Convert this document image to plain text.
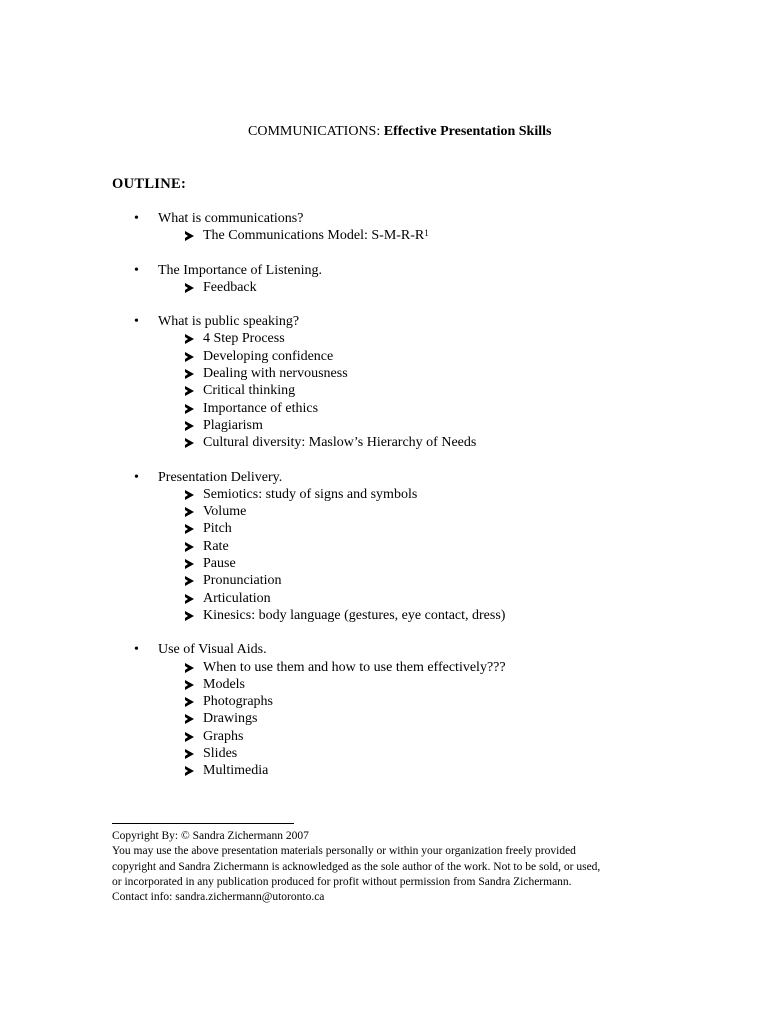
COMMUNICATIONS: Effective Presentation Skills
OUTLINE:
• What is communications?
The Communications Model: $S-M-R-R^1$
• The Importance of Listening.
Feedback
• What is public speaking?
4 Step Process
Developing confidence
Dealing with nervousness
Critical thinking
Importance of ethics
Plagiarism
Cultural diversity: Maslow’s Hierarchy of Needs
• Presentation Delivery.
Semiotics: study of signs and symbols
Volume
Pitch
Rate
Pause
Pronunciation
Articulation
Kinesics: body language (gestures, eye contact, dress)
• Use of Visual Aids.
When to use them and how to use them effectively???
Models
Photographs
Drawings
Graphs
Slides
Multimedia
Copyright By: © Sandra Zichermann 2007
You may use the above presentation materials personally or within your organization freely provided
copyright and Sandra Zichermann is acknowledged as the sole author of the work. Not to be sold, or used,
or incorporated in any publication produced for profit without permission from Sandra Zichermann.
Contact info: sandra.zichermann@utoronto.ca
